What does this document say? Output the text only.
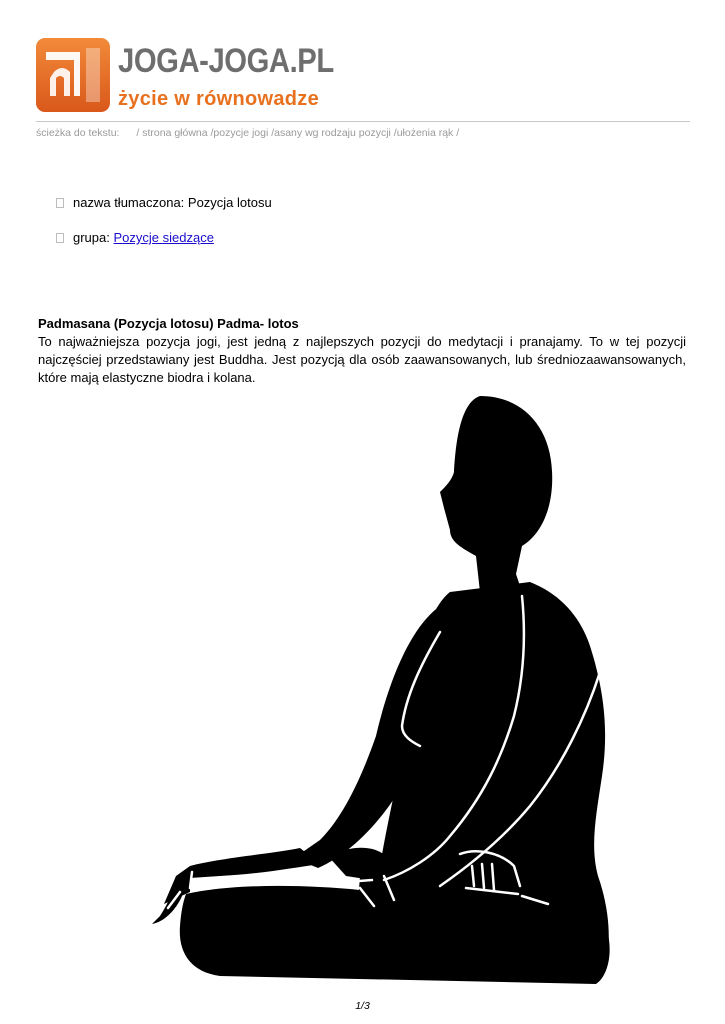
JOGA-JOGA.PL
życie w równowadze
ścieżka do tekstu: / strona główna /pozycje jogi /asany wg rodzaju pozycji /ułożenia rąk /
nazwa tłumaczona: Pozycja lotosu
grupa: Pozycje siedzące
Padmasana (Pozycja lotosu) Padma- lotos

To najważniejsza pozycja jogi, jest jedną z najlepszych pozycji do medytacji i pranajamy. To w tej pozycji najczęściej przedstawiany jest Buddha. Jest pozycją dla osób zaawansowanych, lub średniozaawansowanych, które mają elastyczne biodra i kolana.

1/3
